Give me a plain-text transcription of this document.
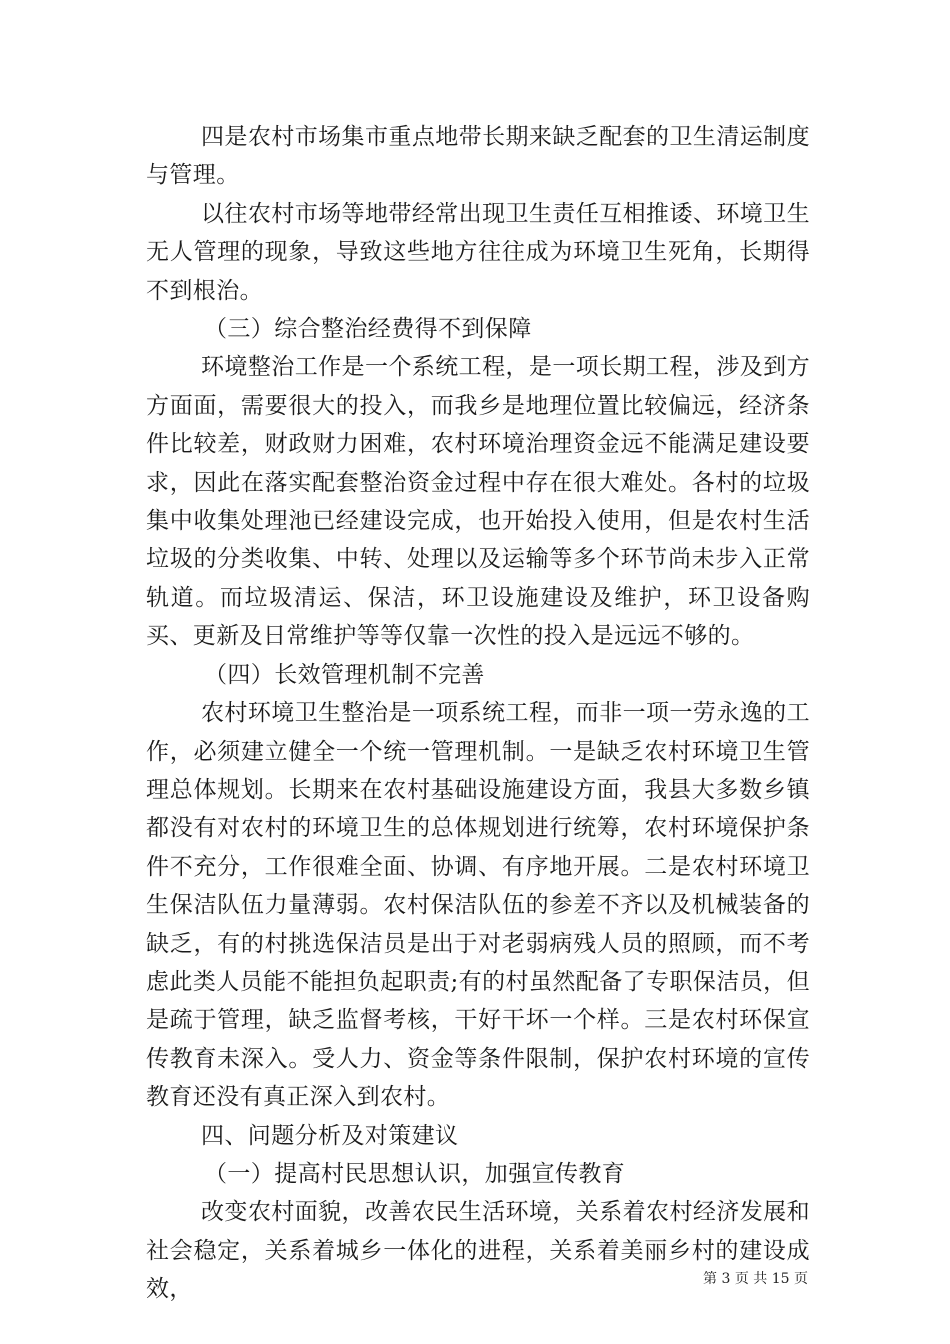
四是农村市场集市重点地带长期来缺乏配套的卫生清运制度与管理。

以往农村市场等地带经常出现卫生责任互相推诿、环境卫生无人管理的现象，导致这些地方往往成为环境卫生死角，长期得不到根治。

（三）综合整治经费得不到保障

环境整治工作是一个系统工程，是一项长期工程，涉及到方方面面，需要很大的投入，而我乡是地理位置比较偏远，经济条件比较差，财政财力困难，农村环境治理资金远不能满足建设要求，因此在落实配套整治资金过程中存在很大难处。各村的垃圾集中收集处理池已经建设完成，也开始投入使用，但是农村生活垃圾的分类收集、中转、处理以及运输等多个环节尚未步入正常轨道。而垃圾清运、保洁，环卫设施建设及维护，环卫设备购买、更新及日常维护等等仅靠一次性的投入是远远不够的。

（四）长效管理机制不完善

农村环境卫生整治是一项系统工程，而非一项一劳永逸的工作，必须建立健全一个统一管理机制。一是缺乏农村环境卫生管理总体规划。长期来在农村基础设施建设方面，我县大多数乡镇都没有对农村的环境卫生的总体规划进行统筹，农村环境保护条件不充分，工作很难全面、协调、有序地开展。二是农村环境卫生保洁队伍力量薄弱。农村保洁队伍的参差不齐以及机械装备的缺乏，有的村挑选保洁员是出于对老弱病残人员的照顾，而不考虑此类人员能不能担负起职责;有的村虽然配备了专职保洁员，但是疏于管理，缺乏监督考核，干好干坏一个样。三是农村环保宣传教育未深入。受人力、资金等条件限制，保护农村环境的宣传教育还没有真正深入到农村。

四、问题分析及对策建议

（一）提高村民思想认识，加强宣传教育

改变农村面貌，改善农民生活环境，关系着农村经济发展和社会稳定，关系着城乡一体化的进程，关系着美丽乡村的建设成效，	第 3 页 共 15 页
